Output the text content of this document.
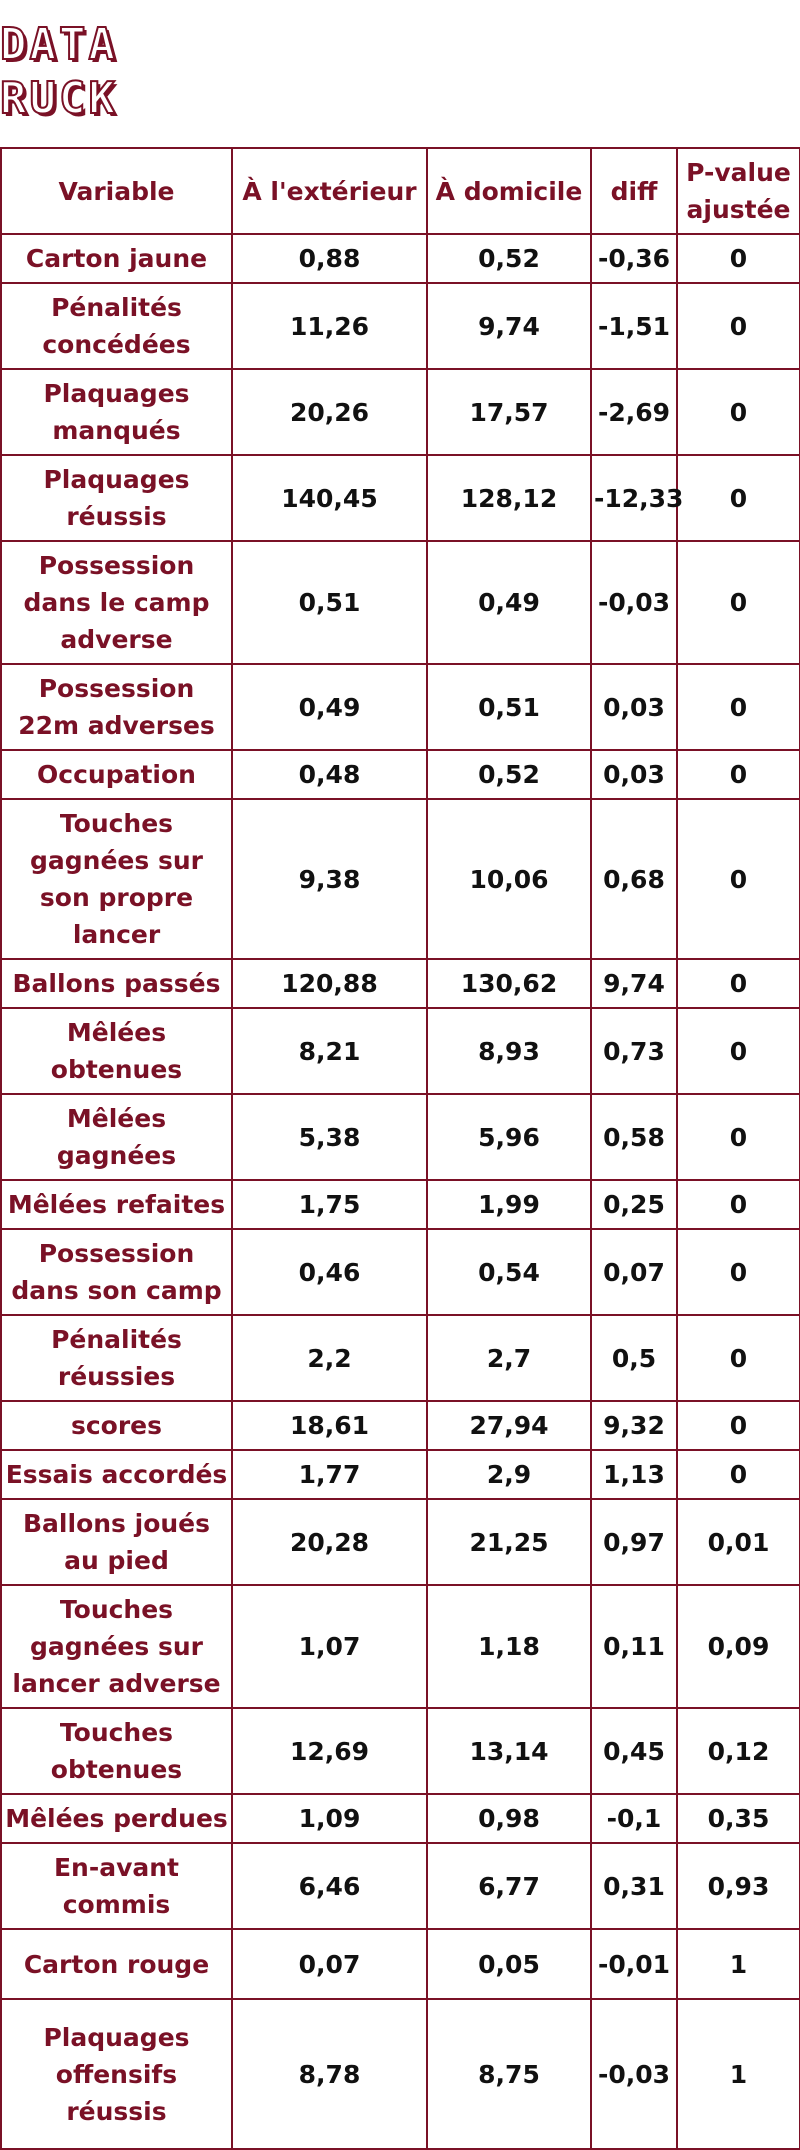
DATA
RUCK
Variable	À l'extérieur	À domicile	diff	P-value ajustée
Carton jaune	0,88	0,52	-0,36	0
Pénalités concédées	11,26	9,74	-1,51	0
Plaquages manqués	20,26	17,57	-2,69	0
Plaquages réussis	140,45	128,12	-12,33	0
Possession dans le camp adverse	0,51	0,49	-0,03	0
Possession 22m adverses	0,49	0,51	0,03	0
Occupation	0,48	0,52	0,03	0
Touches gagnées sur son propre lancer	9,38	10,06	0,68	0
Ballons passés	120,88	130,62	9,74	0
Mêlées obtenues	8,21	8,93	0,73	0
Mêlées gagnées	5,38	5,96	0,58	0
Mêlées refaites	1,75	1,99	0,25	0
Possession dans son camp	0,46	0,54	0,07	0
Pénalités réussies	2,2	2,7	0,5	0
scores	18,61	27,94	9,32	0
Essais accordés	1,77	2,9	1,13	0
Ballons joués au pied	20,28	21,25	0,97	0,01
Touches gagnées sur lancer adverse	1,07	1,18	0,11	0,09
Touches obtenues	12,69	13,14	0,45	0,12
Mêlées perdues	1,09	0,98	-0,1	0,35
En-avant commis	6,46	6,77	0,31	0,93
Carton rouge	0,07	0,05	-0,01	1
Plaquages offensifs réussis	8,78	8,75	-0,03	1
